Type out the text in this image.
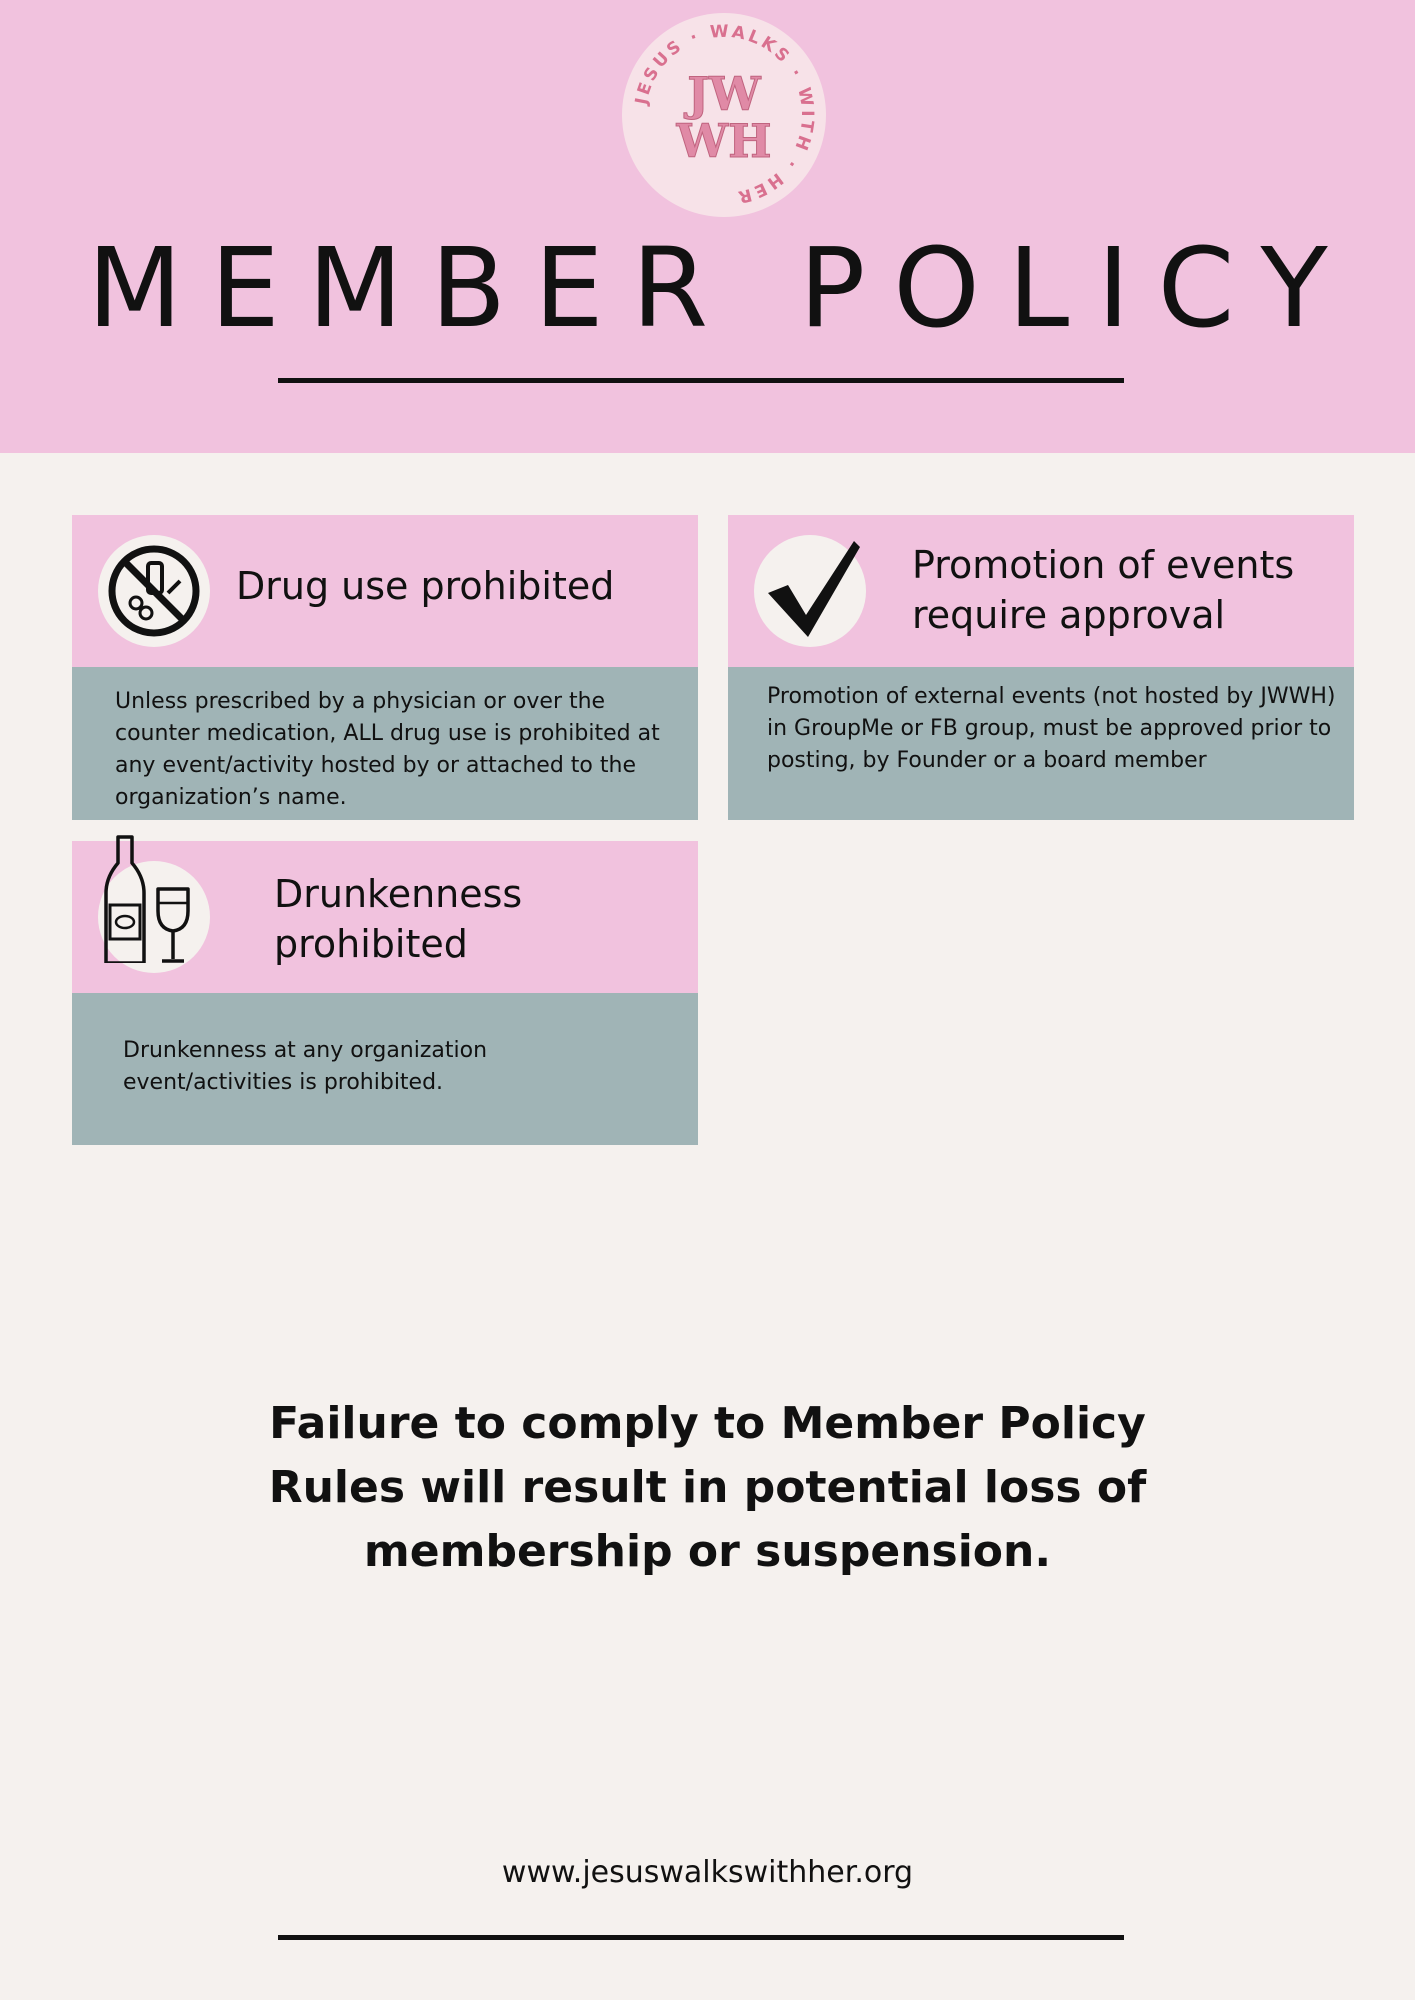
JESUS · WALKS · WITH · HER
JW
WH
MEMBER POLICY
Drug use prohibited
Unless prescribed by a physician or over the counter medication, ALL drug use is prohibited at any event/activity hosted by or attached to the organization’s name.
Promotion of events require approval
Promotion of external events (not hosted by JWWH) in GroupMe or FB group, must be approved prior to posting, by Founder or a board member
Drunkenness prohibited
Drunkenness at any organization event/activities is prohibited.
Failure to comply to Member Policy Rules will result in potential loss of membership or suspension.
www.jesuswalkswithher.org
